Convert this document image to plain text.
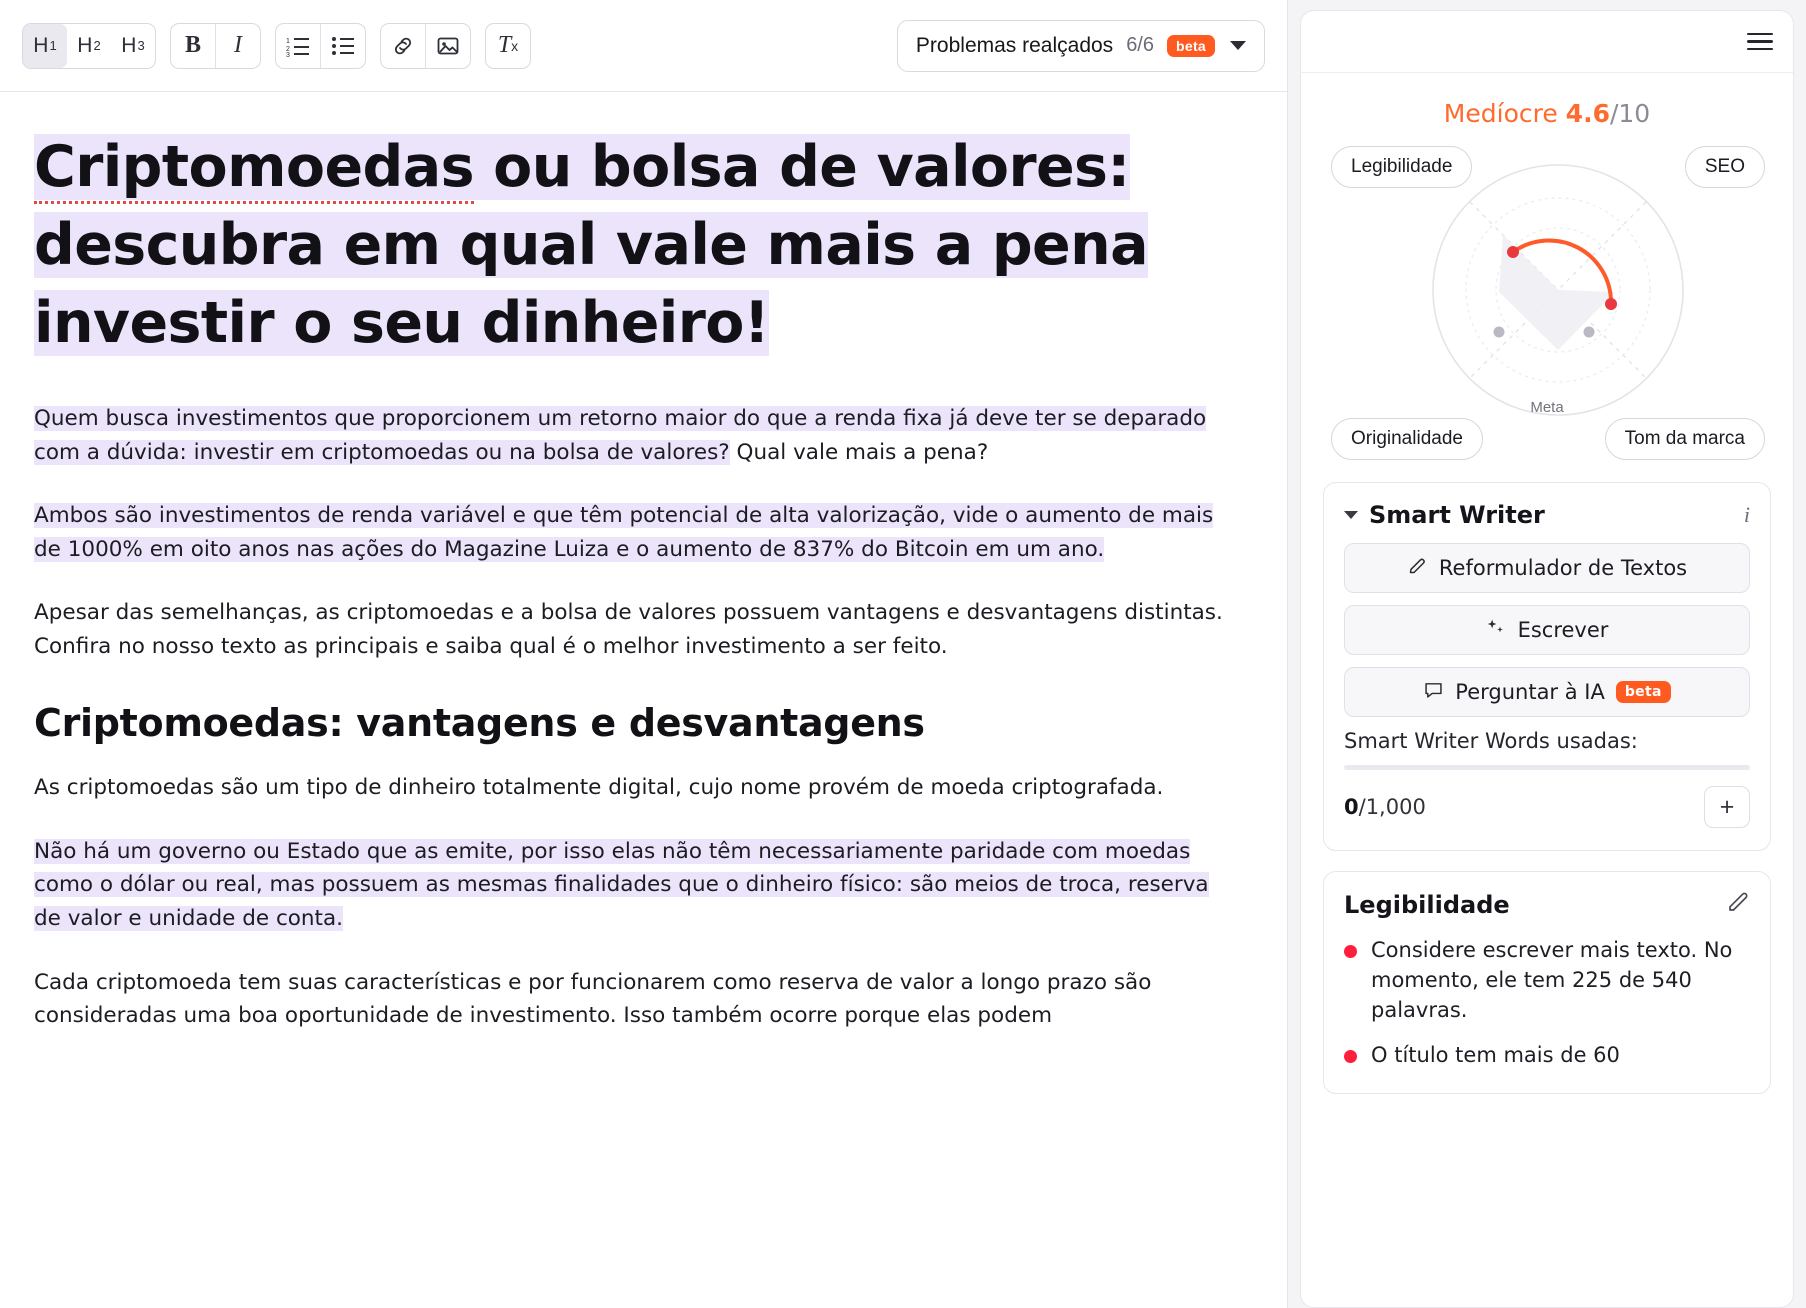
H 1 H 2 H 3	B	I	1
2
3	T x	Problemas realçados 6/6	beta
Criptomoedas ou bolsa de valores: descubra em qual vale mais a pena investir o seu dinheiro!

Quem busca investimentos que proporcionem um retorno maior do que a renda fixa já deve ter se deparado com a dúvida: investir em criptomoedas ou na bolsa de valores? Qual vale mais a pena?

Ambos são investimentos de renda variável e que têm potencial de alta valorização, vide o aumento de mais de 1000% em oito anos nas ações do Magazine Luiza e o aumento de 837% do Bitcoin em um ano.

Apesar das semelhanças, as criptomoedas e a bolsa de valores possuem vantagens e desvantagens distintas. Confira no nosso texto as principais e saiba qual é o melhor investimento a ser feito.

Criptomoedas: vantagens e desvantagens

As criptomoedas são um tipo de dinheiro totalmente digital, cujo nome provém de moeda criptografada.

Não há um governo ou Estado que as emite, por isso elas não têm necessariamente paridade com moedas como o dólar ou real, mas possuem as mesmas finalidades que o dinheiro físico: são meios de troca, reserva de valor e unidade de conta.

Cada criptomoeda tem suas características e por funcionarem como reserva de valor a longo prazo são consideradas uma boa oportunidade de investimento. Isso também ocorre porque elas podem

Medíocre 4.6/10
Legibilidade	SEO
Originalidade	Tom da marca
Meta
Smart Writer	i
Reformulador de Textos
Escrever
Perguntar à IA	beta
Smart Writer Words usadas:
0/1,000	+
Legibilidade
Considere escrever mais texto. No momento, ele tem 225 de 540 palavras.
O título tem mais de 60
